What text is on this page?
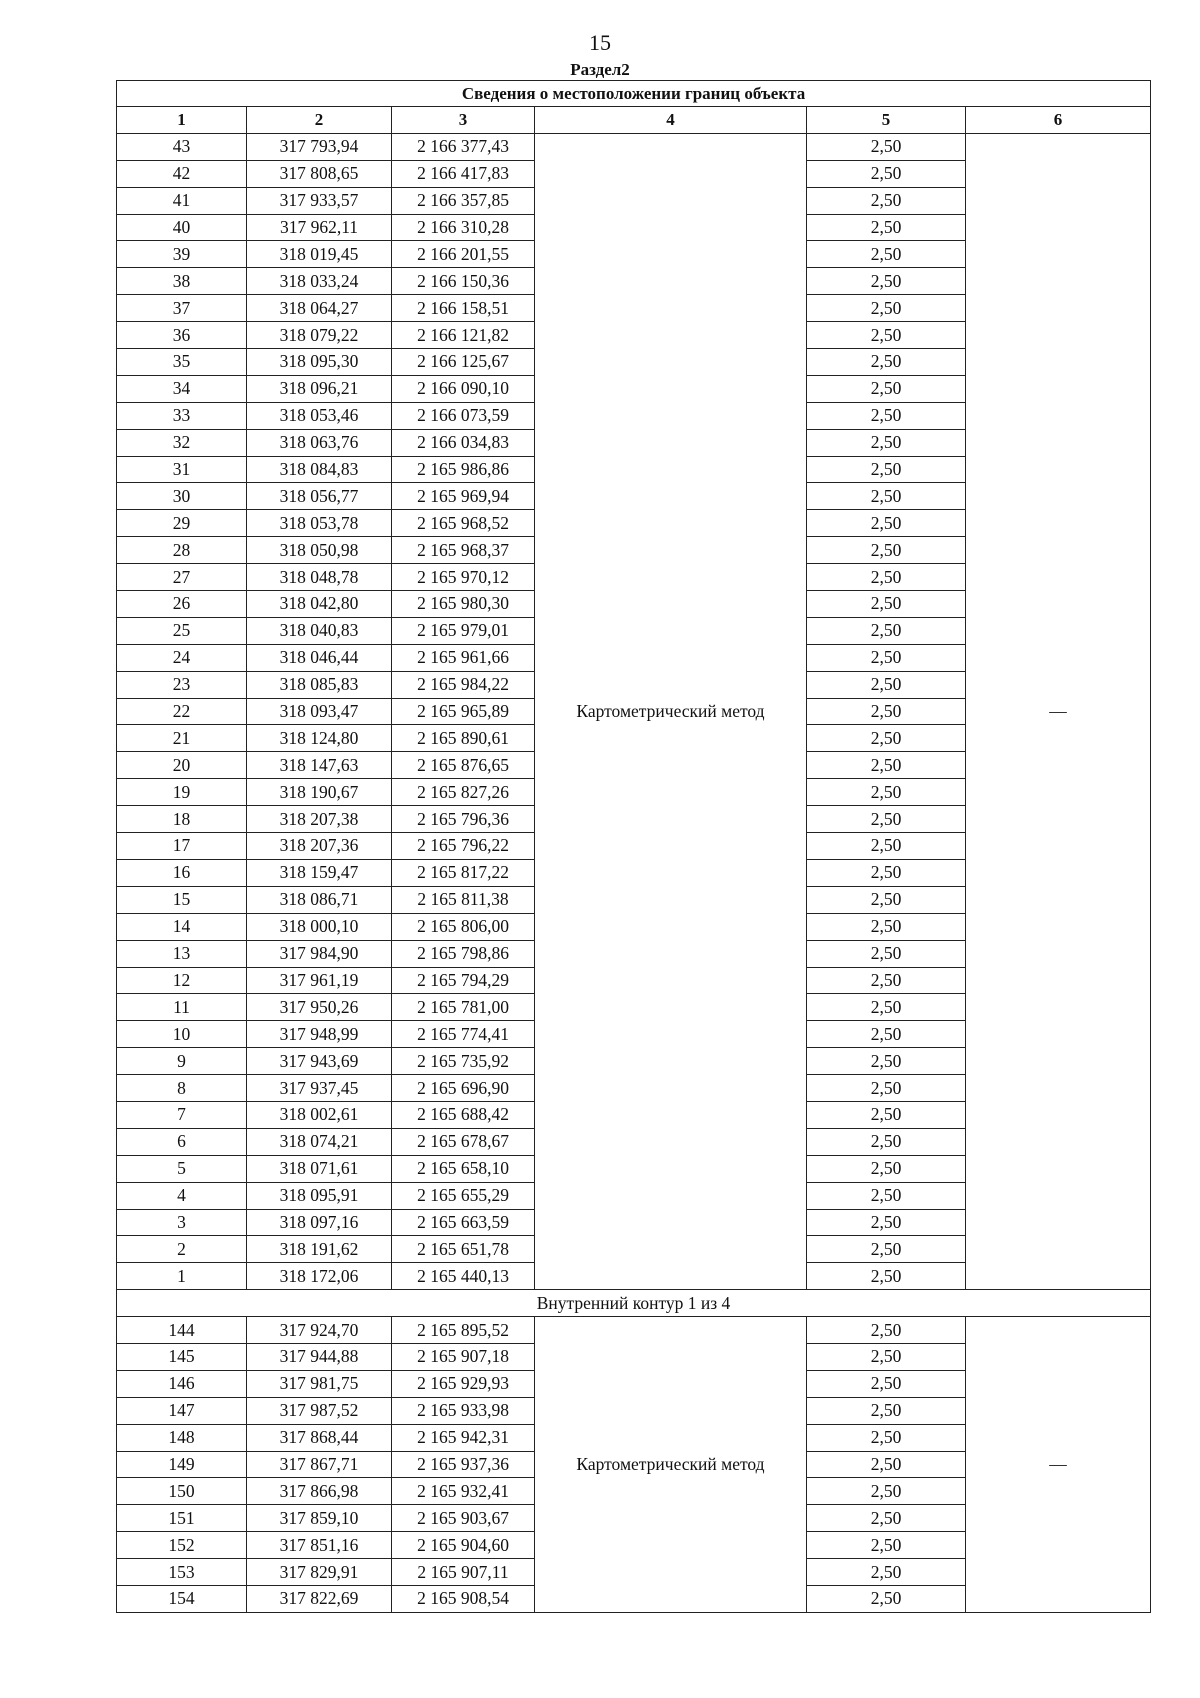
15
Раздел2
Сведения о местоположении границ объекта					
1	2	3	4	5	6
43	317 793,94	2 166 377,43	Картометрический метод	2,50	—
42	317 808,65	2 166 417,83		2,50	
41	317 933,57	2 166 357,85		2,50	
40	317 962,11	2 166 310,28		2,50	
39	318 019,45	2 166 201,55		2,50	
38	318 033,24	2 166 150,36		2,50	
37	318 064,27	2 166 158,51		2,50	
36	318 079,22	2 166 121,82		2,50	
35	318 095,30	2 166 125,67		2,50	
34	318 096,21	2 166 090,10		2,50	
33	318 053,46	2 166 073,59		2,50	
32	318 063,76	2 166 034,83		2,50	
31	318 084,83	2 165 986,86		2,50	
30	318 056,77	2 165 969,94		2,50	
29	318 053,78	2 165 968,52		2,50	
28	318 050,98	2 165 968,37		2,50	
27	318 048,78	2 165 970,12		2,50	
26	318 042,80	2 165 980,30		2,50	
25	318 040,83	2 165 979,01		2,50	
24	318 046,44	2 165 961,66		2,50	
23	318 085,83	2 165 984,22		2,50	
22	318 093,47	2 165 965,89		2,50	
21	318 124,80	2 165 890,61		2,50	
20	318 147,63	2 165 876,65		2,50	
19	318 190,67	2 165 827,26		2,50	
18	318 207,38	2 165 796,36		2,50	
17	318 207,36	2 165 796,22		2,50	
16	318 159,47	2 165 817,22		2,50	
15	318 086,71	2 165 811,38		2,50	
14	318 000,10	2 165 806,00		2,50	
13	317 984,90	2 165 798,86		2,50	
12	317 961,19	2 165 794,29		2,50	
11	317 950,26	2 165 781,00		2,50	
10	317 948,99	2 165 774,41		2,50	
9	317 943,69	2 165 735,92		2,50	
8	317 937,45	2 165 696,90		2,50	
7	318 002,61	2 165 688,42		2,50	
6	318 074,21	2 165 678,67		2,50	
5	318 071,61	2 165 658,10		2,50	
4	318 095,91	2 165 655,29		2,50	
3	318 097,16	2 165 663,59		2,50	
2	318 191,62	2 165 651,78		2,50	
1	318 172,06	2 165 440,13		2,50	
Внутренний контур 1 из 4					
144	317 924,70	2 165 895,52	Картометрический метод	2,50	—
145	317 944,88	2 165 907,18		2,50	
146	317 981,75	2 165 929,93		2,50	
147	317 987,52	2 165 933,98		2,50	
148	317 868,44	2 165 942,31		2,50	
149	317 867,71	2 165 937,36		2,50	
150	317 866,98	2 165 932,41		2,50	
151	317 859,10	2 165 903,67		2,50	
152	317 851,16	2 165 904,60		2,50	
153	317 829,91	2 165 907,11		2,50	
154	317 822,69	2 165 908,54		2,50	
